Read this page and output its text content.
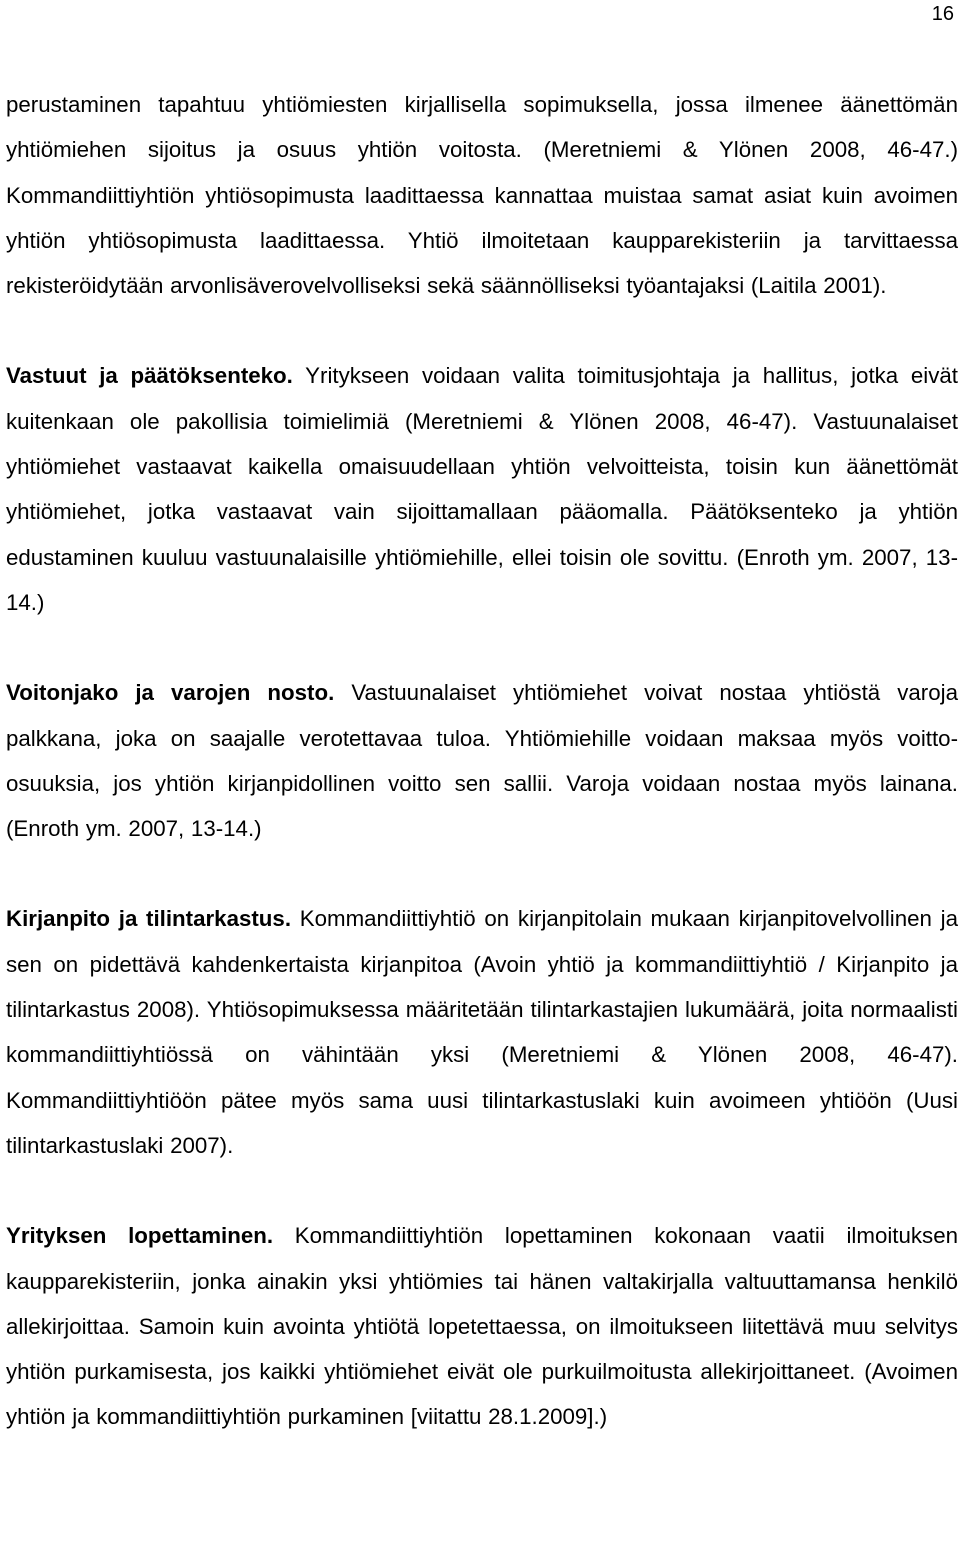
16

perustaminen tapahtuu yhtiömiesten kirjallisella sopimuksella, jossa ilmenee äänettömän yhtiömiehen sijoitus ja osuus yhtiön voitosta. (Meretniemi & Ylönen 2008, 46-47.) Kommandiittiyhtiön yhtiösopimusta laadittaessa kannattaa muistaa samat asiat kuin avoimen yhtiön yhtiösopimusta laadittaessa. Yhtiö ilmoitetaan kaupparekisteriin ja tarvittaessa rekisteröidytään arvonlisäverovelvolliseksi sekä säännölliseksi työantajaksi (Laitila 2001).

Vastuut ja päätöksenteko. Yritykseen voidaan valita toimitusjohtaja ja hallitus, jotka eivät kuitenkaan ole pakollisia toimielimiä (Meretniemi & Ylönen 2008, 46-47). Vastuunalaiset yhtiömiehet vastaavat kaikella omaisuudellaan yhtiön velvoitteista, toisin kun äänettömät yhtiömiehet, jotka vastaavat vain sijoittamallaan pääomalla. Päätöksenteko ja yhtiön edustaminen kuuluu vastuunalaisille yhtiömiehille, ellei toisin ole sovittu. (Enroth ym. 2007, 13-14.)

Voitonjako ja varojen nosto. Vastuunalaiset yhtiömiehet voivat nostaa yhtiöstä varoja palkkana, joka on saajalle verotettavaa tuloa. Yhtiömiehille voidaan maksaa myös voitto-osuuksia, jos yhtiön kirjanpidollinen voitto sen sallii. Varoja voidaan nostaa myös lainana. (Enroth ym. 2007, 13-14.)

Kirjanpito ja tilintarkastus. Kommandiittiyhtiö on kirjanpitolain mukaan kirjanpitovelvollinen ja sen on pidettävä kahdenkertaista kirjanpitoa (Avoin yhtiö ja kommandiittiyhtiö / Kirjanpito ja tilintarkastus 2008). Yhtiösopimuksessa määritetään tilintarkastajien lukumäärä, joita normaalisti kommandiittiyhtiössä on vähintään yksi (Meretniemi & Ylönen 2008, 46-47). Kommandiittiyhtiöön pätee myös sama uusi tilintarkastuslaki kuin avoimeen yhtiöön (Uusi tilintarkastuslaki 2007).

Yrityksen lopettaminen. Kommandiittiyhtiön lopettaminen kokonaan vaatii ilmoituksen kaupparekisteriin, jonka ainakin yksi yhtiömies tai hänen valtakirjalla valtuuttamansa henkilö allekirjoittaa. Samoin kuin avointa yhtiötä lopetettaessa, on ilmoitukseen liitettävä muu selvitys yhtiön purkamisesta, jos kaikki yhtiömiehet eivät ole purkuilmoitusta allekirjoittaneet. (Avoimen yhtiön ja kommandiittiyhtiön purkaminen [viitattu 28.1.2009].)
